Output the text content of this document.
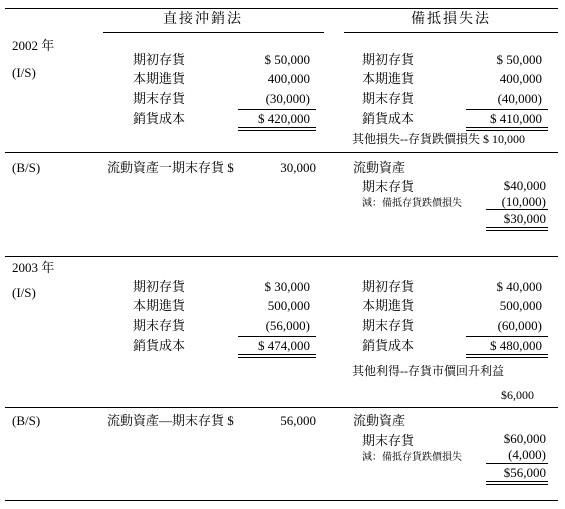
直接沖銷法	備抵損失法
2002 年
(I/S)
期初存貨	$ 50,000
本期進貨	400,000
期末存貨	(30,000)
銷貨成本	$ 420,000
期初存貨	$ 50,000
本期進貨	400,000
期末存貨	(40,000)
銷貨成本	$ 410,000
其他損失--存貨跌價損失 $ 10,000
(B/S)	流動資產一期末存貨 $	30,000	流動資產
期末存貨	$40,000
減：備抵存貨跌價損失	(10,000)
$30,000
2003 年
(I/S)	期初存貨	$ 30,000
本期進貨	500,000
期末存貨	(56,000)
銷貨成本	$ 474,000
期初存貨	$ 40,000
本期進貨	500,000
期末存貨	(60,000)
銷貨成本	$ 480,000
其他利得--存貨市價回升利益
$6,000
(B/S)	流動資產—期末存貨 $	56,000	流動資產
期末存貨	$60,000
減：備抵存貨跌價損失	(4,000)
$56,000
